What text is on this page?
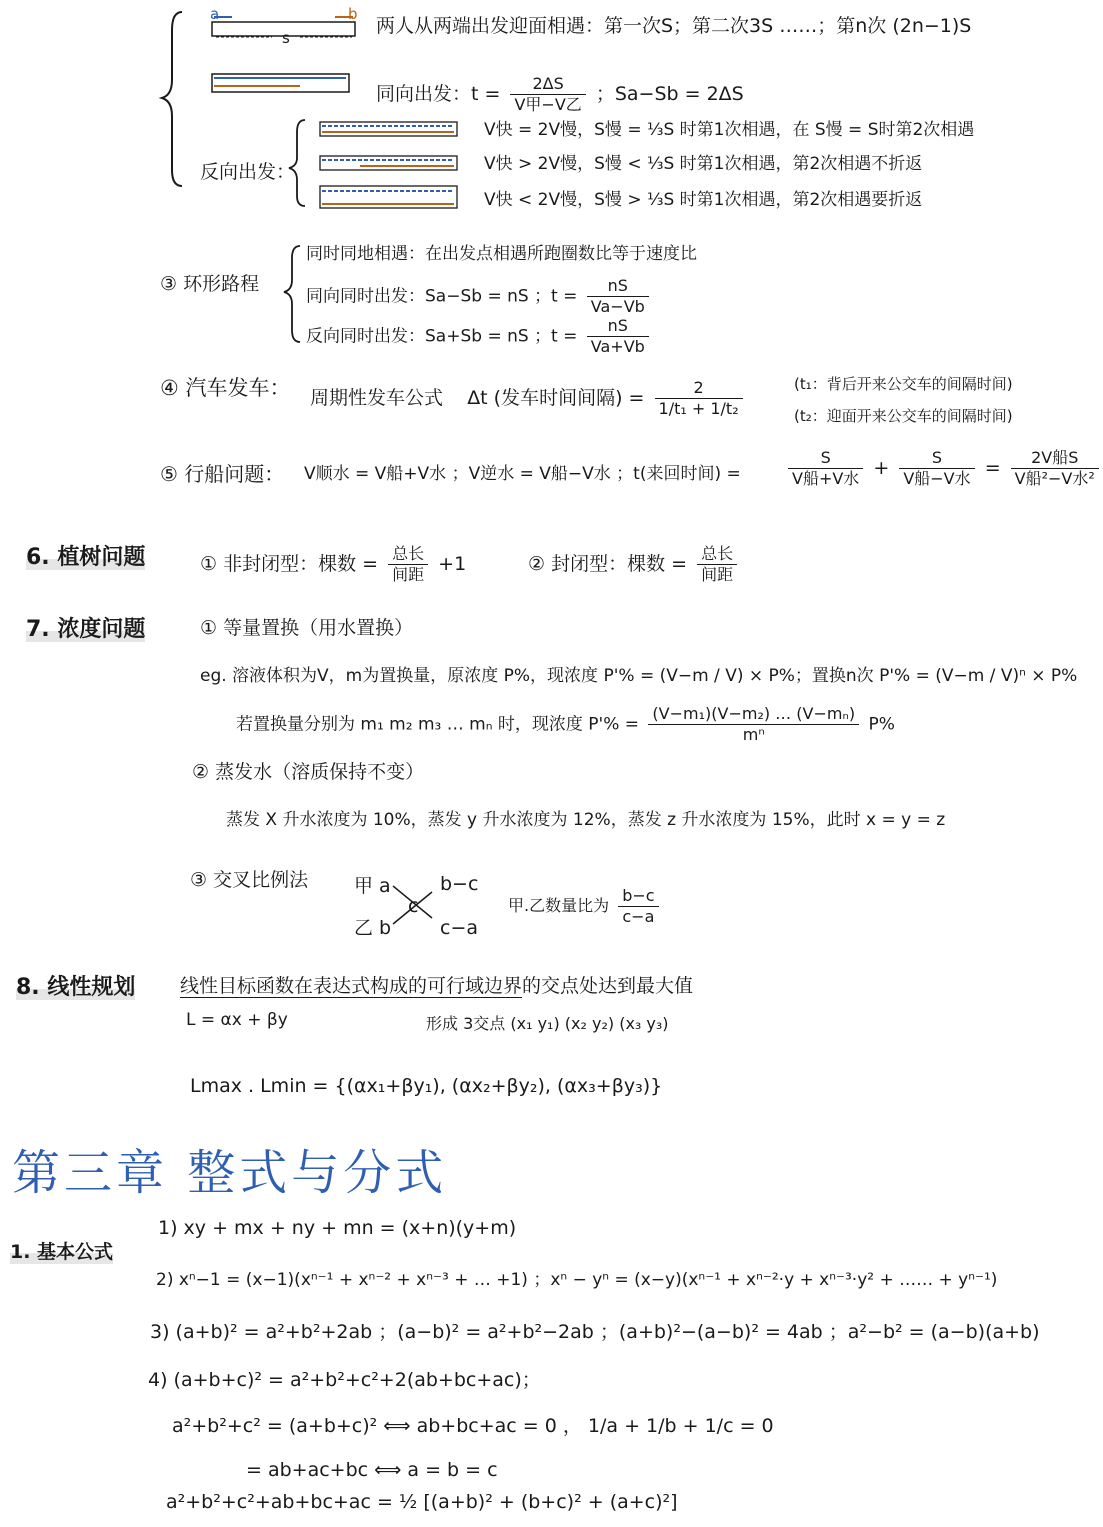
a	b
s
两人从两端出发迎面相遇：第一次S；第二次3S ……；第n次 (2n−1)S
同向出发：$t = \frac{2\Delta S}{\text{V甲−V乙}}$ ；Sa−Sb = 2ΔS
反向出发：
V快 = 2V慢，S慢 = ⅓S 时第1次相遇，在 S慢 = S时第2次相遇
V快 > 2V慢，S慢 < ⅓S 时第1次相遇，第2次相遇不折返
V快 < 2V慢，S慢 > ⅓S 时第1次相遇，第2次相遇要折返
③ 环形路程
同时同地相遇：在出发点相遇所跑圈数比等于速度比
同向同时出发：Sa−Sb = nS ；$t = \frac{nS}{Va-Vb}$
反向同时出发：Sa+Sb = nS ；$t = \frac{nS}{Va+Vb}$
④ 汽车发车： 周期性发车公式 Δt (发车时间间隔) = $\frac{2}{\text{1/t₁ + 1/t₂}}$	(t₁：背后开来公交车的间隔时间)
(t₂：迎面开来公交车的间隔时间)
⑤ 行船问题： V顺水 = V船+V水 ；V逆水 = V船−V水 ；t(来回时间) =	$\frac{S}{\text{V船+V水}} + \frac{S}{\text{V船−V水}} = \frac{\text{2V船S}}{\text{V船²−V水²}}$
6. 植树问题	① 非封闭型：棵数 = $\frac{\text{总长}}{\text{间距}} +1$	② 封闭型：棵数 = $\frac{\text{总长}}{\text{间距}}$
7. 浓度问题	① 等量置换（用水置换）
eg. 溶液体积为V，m为置换量，原浓度 P%，现浓度 P'% = (V−m / V) × P%；置换n次 P'% = (V−m / V)ⁿ × P%
若置换量分别为 m₁ m₂ m₃ … mₙ 时，现浓度 $P'\% = \frac{\text{(V−m₁)(V−m₂) … (V−mₙ)}}{\text{mⁿ}} P\%$
② 蒸发水（溶质保持不变）
蒸发 X 升水浓度为 10%，蒸发 y 升水浓度为 12%，蒸发 z 升水浓度为 15%，此时 x = y = z
③ 交叉比例法 甲 a
乙 b
c
b−c
c−a
甲.乙数量比为 $\frac{b-c}{c-a}$
8. 线性规划 线性目标函数在表达式构成的可行域边界的交点处达到最大值
L = αx + βy	形成 3交点 (x₁ y₁) (x₂ y₂) (x₃ y₃)
Lmax . Lmin = {(αx₁+βy₁), (αx₂+βy₂), (αx₃+βy₃)}
第三章 整式与分式
1. 基本公式
1) xy + mx + ny + mn = (x+n)(y+m)
2) xⁿ−1 = (x−1)(xⁿ⁻¹ + xⁿ⁻² + xⁿ⁻³ + … +1) ；xⁿ − yⁿ = (x−y)(xⁿ⁻¹ + xⁿ⁻²·y + xⁿ⁻³·y² + …… + yⁿ⁻¹)
3) (a+b)² = a²+b²+2ab ；(a−b)² = a²+b²−2ab ；(a+b)²−(a−b)² = 4ab ；a²−b² = (a−b)(a+b)
4) (a+b+c)² = a²+b²+c²+2(ab+bc+ac)；
a²+b²+c² = (a+b+c)² ⟺ ab+bc+ac = 0 ， 1/a + 1/b + 1/c = 0
= ab+ac+bc ⟺ a = b = c
a²+b²+c²+ab+bc+ac = ½ [(a+b)² + (b+c)² + (a+c)²]
